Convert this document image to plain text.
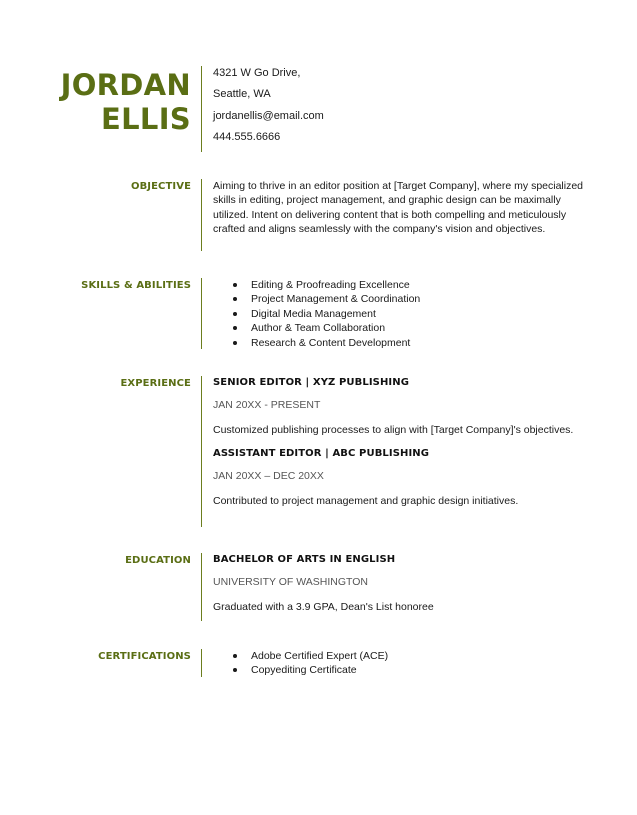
JORDAN
ELLIS
4321 W Go Drive,
Seattle, WA
jordanellis@email.com
444.555.6666
OBJECTIVE Aiming to thrive in an editor position at [Target Company], where my specialized skills in editing, project management, and graphic design can be maximally utilized. Intent on delivering content that is both compelling and meticulously crafted and aligns seamlessly with the company's vision and objectives.
SKILLS & ABILITIES	Editing & Proofreading Excellence
Project Management & Coordination
Digital Media Management
Author & Team Collaboration
Research & Content Development
EXPERIENCE SENIOR EDITOR | XYZ PUBLISHING
JAN 20XX - PRESENT
Customized publishing processes to align with [Target Company]'s objectives.
ASSISTANT EDITOR | ABC PUBLISHING
JAN 20XX – DEC 20XX
Contributed to project management and graphic design initiatives.
EDUCATION BACHELOR OF ARTS IN ENGLISH
UNIVERSITY OF WASHINGTON
Graduated with a 3.9 GPA, Dean's List honoree
CERTIFICATIONS	Adobe Certified Expert (ACE)
Copyediting Certificate
